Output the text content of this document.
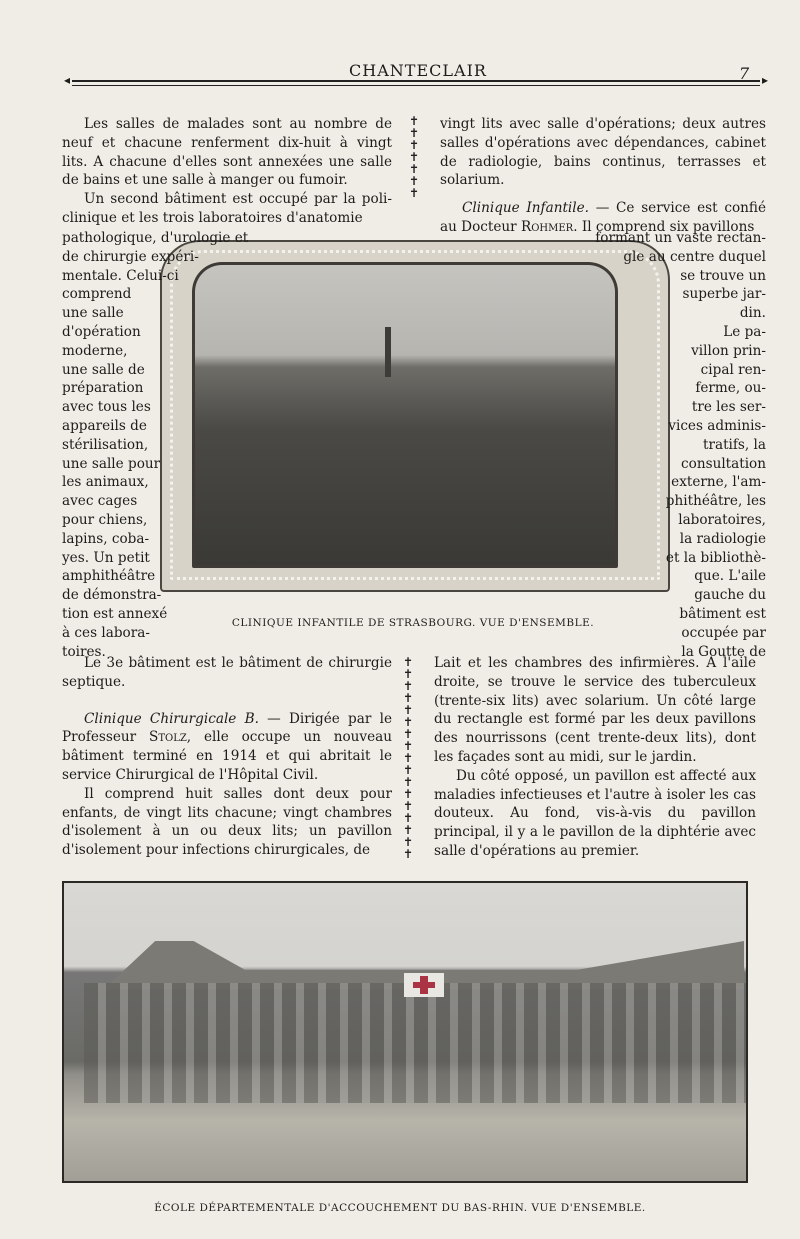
CHANTECLAIR	7
◂ ▸

Les salles de malades sont au nombre de neuf et chacune renferment dix-huit à vingt lits. A chacune d'elles sont annexées une salle de bains et une salle à manger ou fumoir.

Un second bâtiment est occupé par la poli-clinique et les trois laboratoires d'anatomie

✝
✝
✝
✝
✝
✝
✝

vingt lits avec salle d'opérations; deux autres salles d'opérations avec dépendances, cabinet de radiologie, bains continus, terrasses et solarium.

Clinique Infantile. — Ce service est confié au Docteur Rohmer. Il comprend six pavillons

pathologique, d'urologie et
de chirurgie expéri-
mentale. Celui-ci
comprend
une salle
d'opération
moderne,
une salle de
préparation
avec tous les
appareils de
stérilisation,
une salle pour
les animaux,
avec cages
pour chiens,
lapins, coba-
yes. Un petit
amphithéâtre
de démonstra-
tion est annexé
à ces labora-
toires.
formant un vaste rectan-
gle au centre duquel
se trouve un
superbe jar-
din.
Le pa-
villon prin-
cipal ren-
ferme, ou-
tre les ser-
vices adminis-
tratifs, la
consultation
externe, l'am-
phithéâtre, les
laboratoires,
la radiologie
et la bibliothè-
que. L'aile
gauche du
bâtiment est
occupée par
la Goutte de
CLINIQUE INFANTILE DE STRASBOURG. VUE D'ENSEMBLE.

Le 3e bâtiment est le bâtiment de chirurgie septique.

Clinique Chirurgicale B. — Dirigée par le Professeur Stolz, elle occupe un nouveau bâtiment terminé en 1914 et qui abritait le service Chirurgical de l'Hôpital Civil.

Il comprend huit salles dont deux pour enfants, de vingt lits chacune; vingt chambres d'isolement à un ou deux lits; un pavillon d'isolement pour infections chirurgicales, de

✝
✝
✝
✝
✝
✝
✝
✝
✝
✝
✝
✝
✝
✝
✝
✝
✝

Lait et les chambres des infirmières. A l'aile droite, se trouve le service des tuberculeux (trente-six lits) avec solarium. Un côté large du rectangle est formé par les deux pavillons des nourrissons (cent trente-deux lits), dont les façades sont au midi, sur le jardin.

Du côté opposé, un pavillon est affecté aux maladies infectieuses et l'autre à isoler les cas douteux. Au fond, vis-à-vis du pavillon principal, il y a le pavillon de la diphtérie avec salle d'opérations au premier.

ÉCOLE DÉPARTEMENTALE D'ACCOUCHEMENT DU BAS-RHIN. VUE D'ENSEMBLE.
